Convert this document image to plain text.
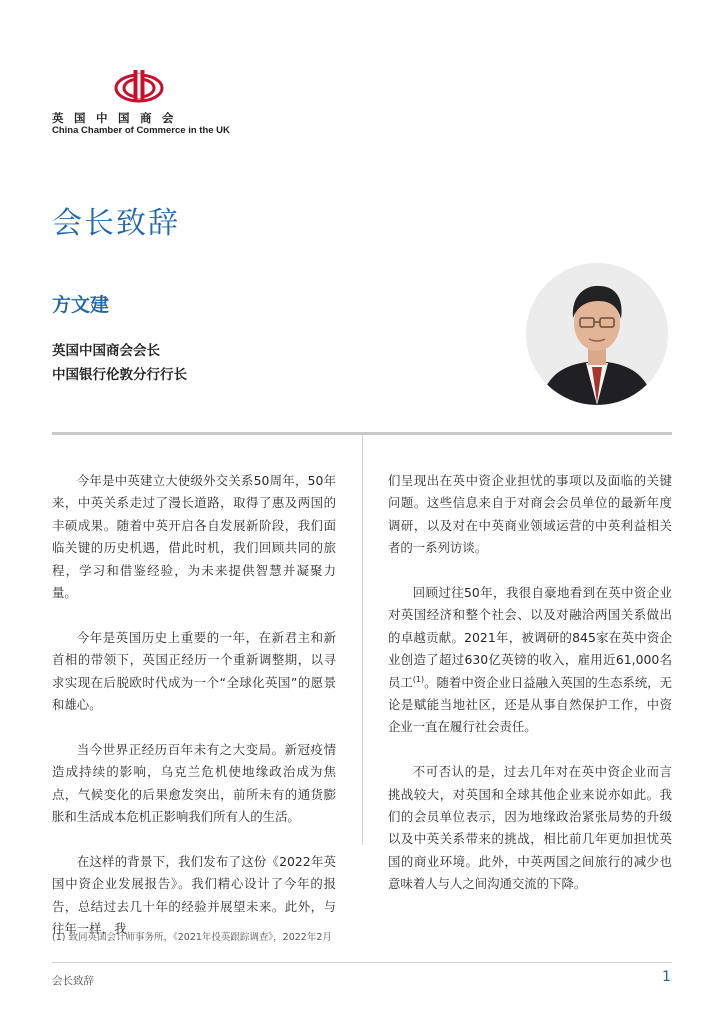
英国中国商会
China Chamber of Commerce in the UK
会长致辞
方文建
英国中国商会会长
中国银行伦敦分行行长

今年是中英建立大使级外交关系50周年，50年来，中英关系走过了漫长道路，取得了惠及两国的丰硕成果。随着中英开启各自发展新阶段，我们面临关键的历史机遇，借此时机，我们回顾共同的旅程，学习和借鉴经验，为未来提供智慧并凝聚力量。

今年是英国历史上重要的一年，在新君主和新首相的带领下，英国正经历一个重新调整期，以寻求实现在后脱欧时代成为一个“全球化英国”的愿景和雄心。

当今世界正经历百年未有之大变局。新冠疫情造成持续的影响，乌克兰危机使地缘政治成为焦点，气候变化的后果愈发突出，前所未有的通货膨胀和生活成本危机正影响我们所有人的生活。

在这样的背景下，我们发布了这份《2022年英国中资企业发展报告》。我们精心设计了今年的报告，总结过去几十年的经验并展望未来。此外，与往年一样，我

们呈现出在英中资企业担忧的事项以及面临的关键问题。这些信息来自于对商会会员单位的最新年度调研，以及对在中英商业领域运营的中英利益相关者的一系列访谈。

回顾过往50年，我很自豪地看到在英中资企业对英国经济和整个社会、以及对融洽两国关系做出的卓越贡献。2021年，被调研的845家在英中资企业创造了超过630亿英镑的收入，雇用近61,000名员工$^{(1)}$。随着中资企业日益融入英国的生态系统，无论是赋能当地社区，还是从事自然保护工作，中资企业一直在履行社会责任。

不可否认的是，过去几年对在英中资企业而言挑战较大，对英国和全球其他企业来说亦如此。我们的会员单位表示，因为地缘政治紧张局势的升级以及中英关系带来的挑战，相比前几年更加担忧英国的商业环境。此外，中英两国之间旅行的减少也意味着人与人之间沟通交流的下降。

(1) 致同英国会计师事务所，《2021年投英跟踪调查》，2022年2月
会长致辞	1
